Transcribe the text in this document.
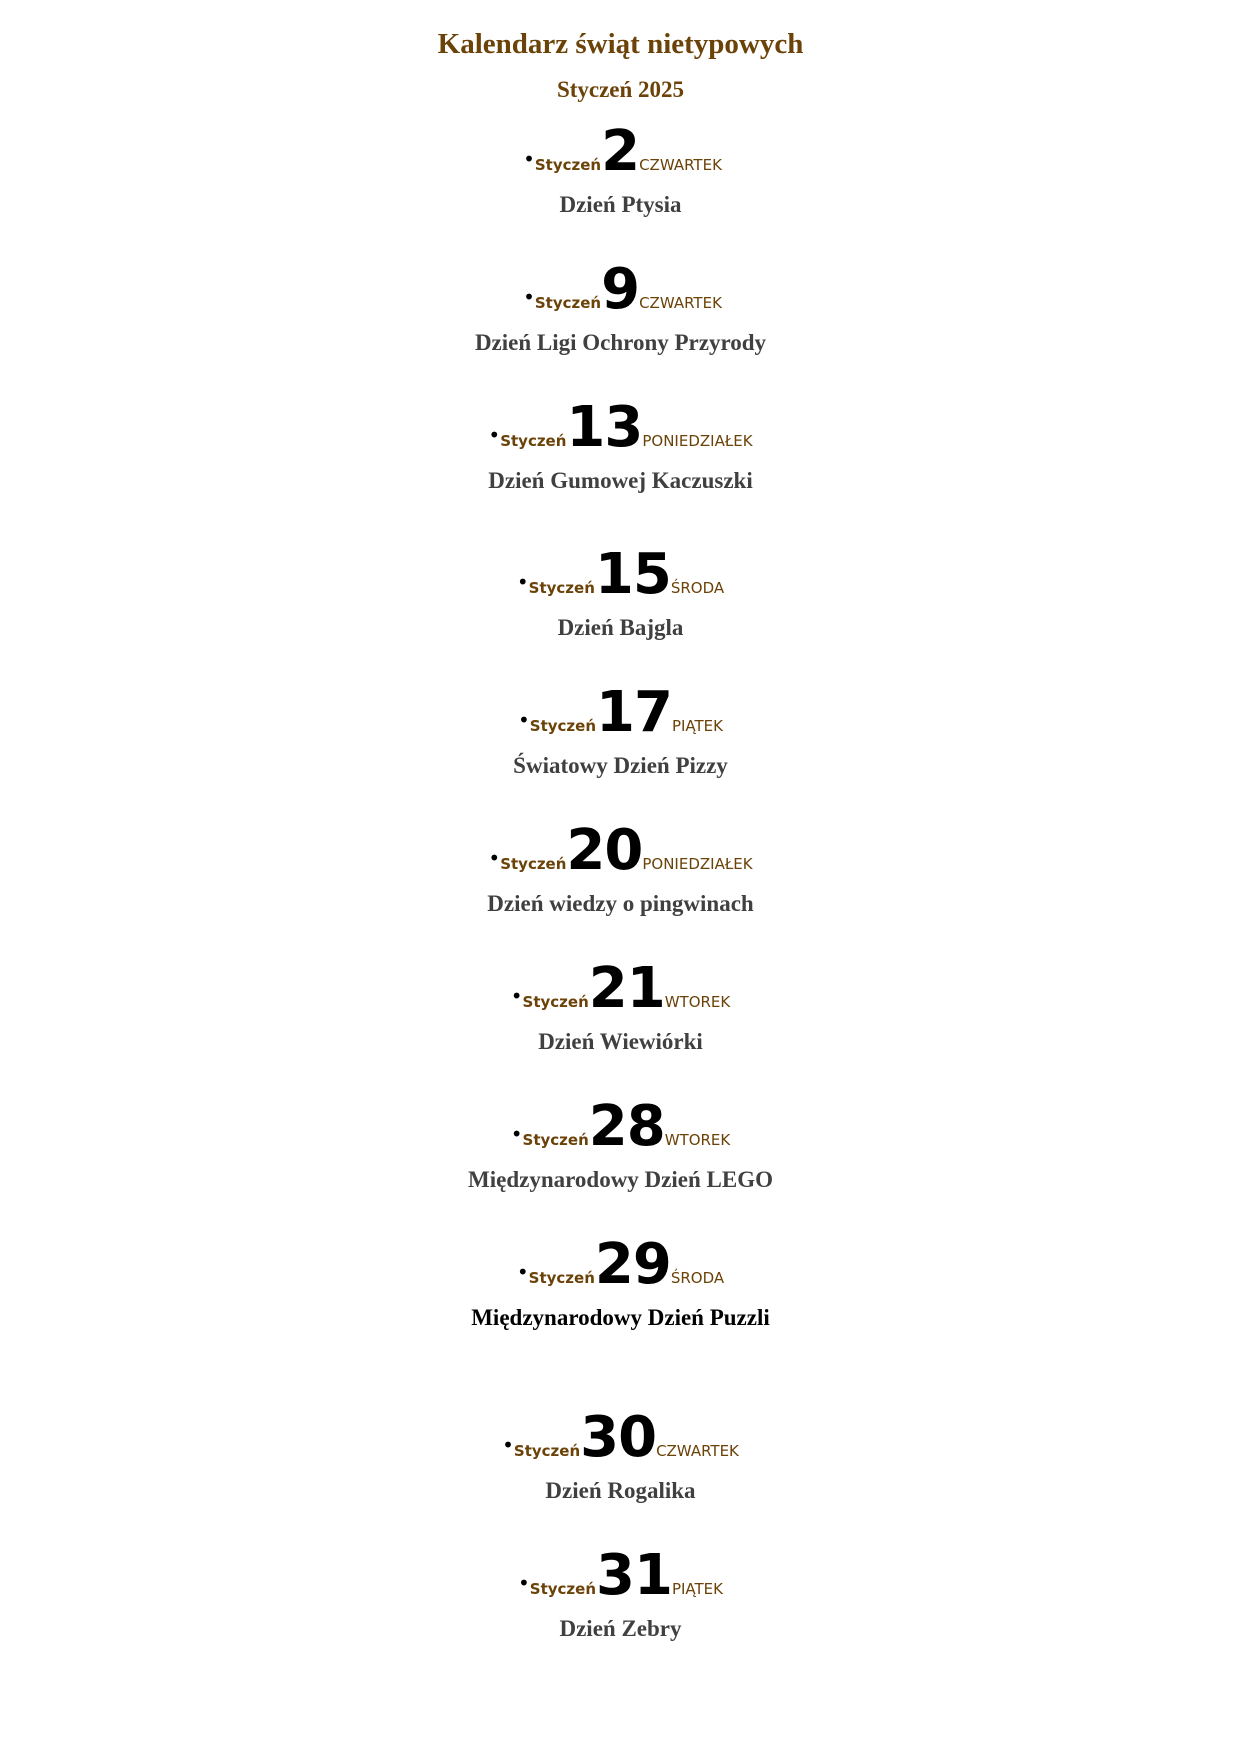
Kalendarz świąt nietypowych
Styczeń 2025
• Styczeń 2 CZWARTEK
Dzień Ptysia
• Styczeń 9 CZWARTEK
Dzień Ligi Ochrony Przyrody
• Styczeń 13 PONIEDZIAŁEK
Dzień Gumowej Kaczuszki
• Styczeń 15 ŚRODA
Dzień Bajgla
• Styczeń 17 PIĄTEK
Światowy Dzień Pizzy
• Styczeń 20 PONIEDZIAŁEK
Dzień wiedzy o pingwinach
• Styczeń 21 WTOREK
Dzień Wiewiórki
• Styczeń 28 WTOREK
Międzynarodowy Dzień LEGO
• Styczeń 29 ŚRODA
Międzynarodowy Dzień Puzzli
• Styczeń 30 CZWARTEK
Dzień Rogalika
• Styczeń 31 PIĄTEK
Dzień Zebry
